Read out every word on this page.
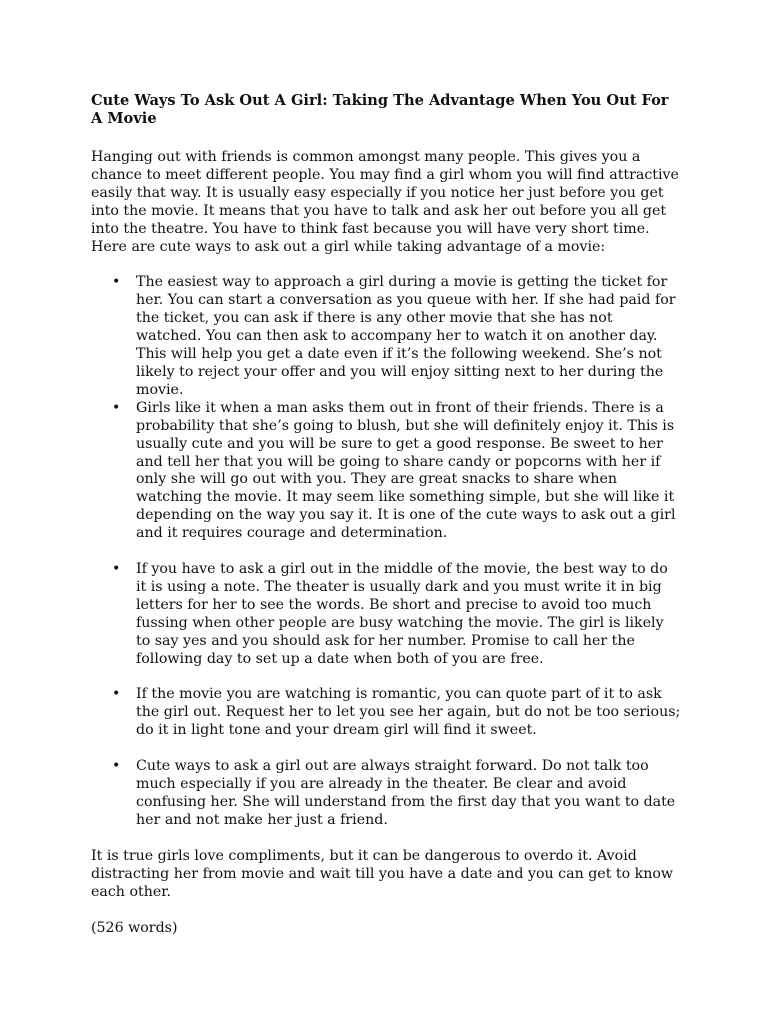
Cute Ways To Ask Out A Girl: Taking The Advantage When You Out For A Movie

Hanging out with friends is common amongst many people. This gives you a chance to meet different people. You may find a girl whom you will find attractive easily that way. It is usually easy especially if you notice her just before you get into the movie. It means that you have to talk and ask her out before you all get into the theatre. You have to think fast because you will have very short time. Here are cute ways to ask out a girl while taking advantage of a movie:

• The easiest way to approach a girl during a movie is getting the ticket for her. You can start a conversation as you queue with her. If she had paid for the ticket, you can ask if there is any other movie that she has not watched. You can then ask to accompany her to watch it on another day. This will help you get a date even if it’s the following weekend. She’s not likely to reject your offer and you will enjoy sitting next to her during the movie.
• Girls like it when a man asks them out in front of their friends. There is a probability that she’s going to blush, but she will definitely enjoy it. This is usually cute and you will be sure to get a good response. Be sweet to her and tell her that you will be going to share candy or popcorns with her if only she will go out with you. They are great snacks to share when watching the movie. It may seem like something simple, but she will like it depending on the way you say it. It is one of the cute ways to ask out a girl and it requires courage and determination.
• If you have to ask a girl out in the middle of the movie, the best way to do it is using a note. The theater is usually dark and you must write it in big letters for her to see the words. Be short and precise to avoid too much fussing when other people are busy watching the movie. The girl is likely to say yes and you should ask for her number. Promise to call her the following day to set up a date when both of you are free.
• If the movie you are watching is romantic, you can quote part of it to ask the girl out. Request her to let you see her again, but do not be too serious; do it in light tone and your dream girl will find it sweet.
• Cute ways to ask a girl out are always straight forward. Do not talk too much especially if you are already in the theater. Be clear and avoid confusing her. She will understand from the first day that you want to date her and not make her just a friend.

It is true girls love compliments, but it can be dangerous to overdo it. Avoid distracting her from movie and wait till you have a date and you can get to know each other.

(526 words)
